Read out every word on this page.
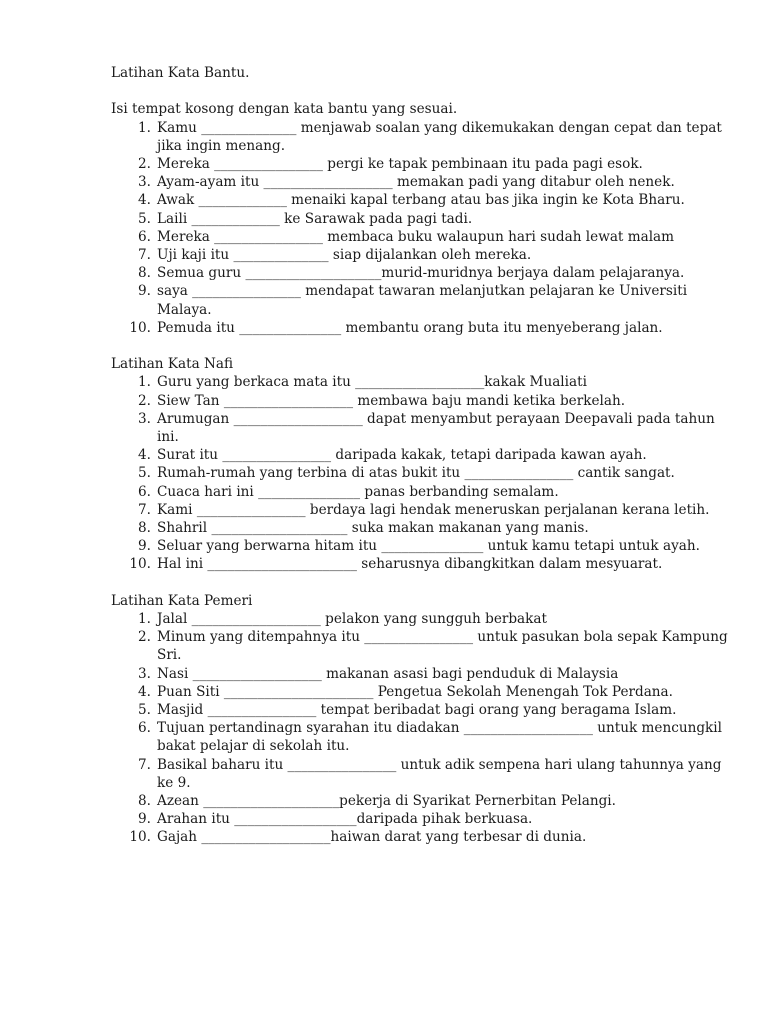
Latihan Kata Bantu.

Isi tempat kosong dengan kata bantu yang sesuai.

1. Kamu ______________ menjawab soalan yang dikemukakan dengan cepat dan tepat jika ingin menang.
2. Mereka ________________ pergi ke tapak pembinaan itu pada pagi esok.
3. Ayam-ayam itu ___________________ memakan padi yang ditabur oleh nenek.
4. Awak _____________ menaiki kapal terbang atau bas jika ingin ke Kota Bharu.
5. Laili _____________ ke Sarawak pada pagi tadi.
6. Mereka ________________ membaca buku walaupun hari sudah lewat malam
7. Uji kaji itu ______________ siap dijalankan oleh mereka.
8. Semua guru ____________________murid-muridnya berjaya dalam pelajaranya.
9. saya ________________ mendapat tawaran melanjutkan pelajaran ke Universiti Malaya.
10. Pemuda itu _______________ membantu orang buta itu menyeberang jalan.

Latihan Kata Nafi

1. Guru yang berkaca mata itu ___________________kakak Mualiati
2. Siew Tan ___________________ membawa baju mandi ketika berkelah.
3. Arumugan ___________________ dapat menyambut perayaan Deepavali pada tahun ini.
4. Surat itu ________________ daripada kakak, tetapi daripada kawan ayah.
5. Rumah-rumah yang terbina di atas bukit itu ________________ cantik sangat.
6. Cuaca hari ini _______________ panas berbanding semalam.
7. Kami ________________ berdaya lagi hendak meneruskan perjalanan kerana letih.
8. Shahril ____________________ suka makan makanan yang manis.
9. Seluar yang berwarna hitam itu _______________ untuk kamu tetapi untuk ayah.
10. Hal ini ______________________ seharusnya dibangkitkan dalam mesyuarat.

Latihan Kata Pemeri

1. Jalal ___________________ pelakon yang sungguh berbakat
2. Minum yang ditempahnya itu ________________ untuk pasukan bola sepak Kampung Sri.
3. Nasi ___________________ makanan asasi bagi penduduk di Malaysia
4. Puan Siti ______________________ Pengetua Sekolah Menengah Tok Perdana.
5. Masjid ________________ tempat beribadat bagi orang yang beragama Islam.
6. Tujuan pertandinagn syarahan itu diadakan ___________________ untuk mencungkil bakat pelajar di sekolah itu.
7. Basikal baharu itu ________________ untuk adik sempena hari ulang tahunnya yang ke 9.
8. Azean ____________________pekerja di Syarikat Pernerbitan Pelangi.
9. Arahan itu __________________daripada pihak berkuasa.
10. Gajah ___________________haiwan darat yang terbesar di dunia.
